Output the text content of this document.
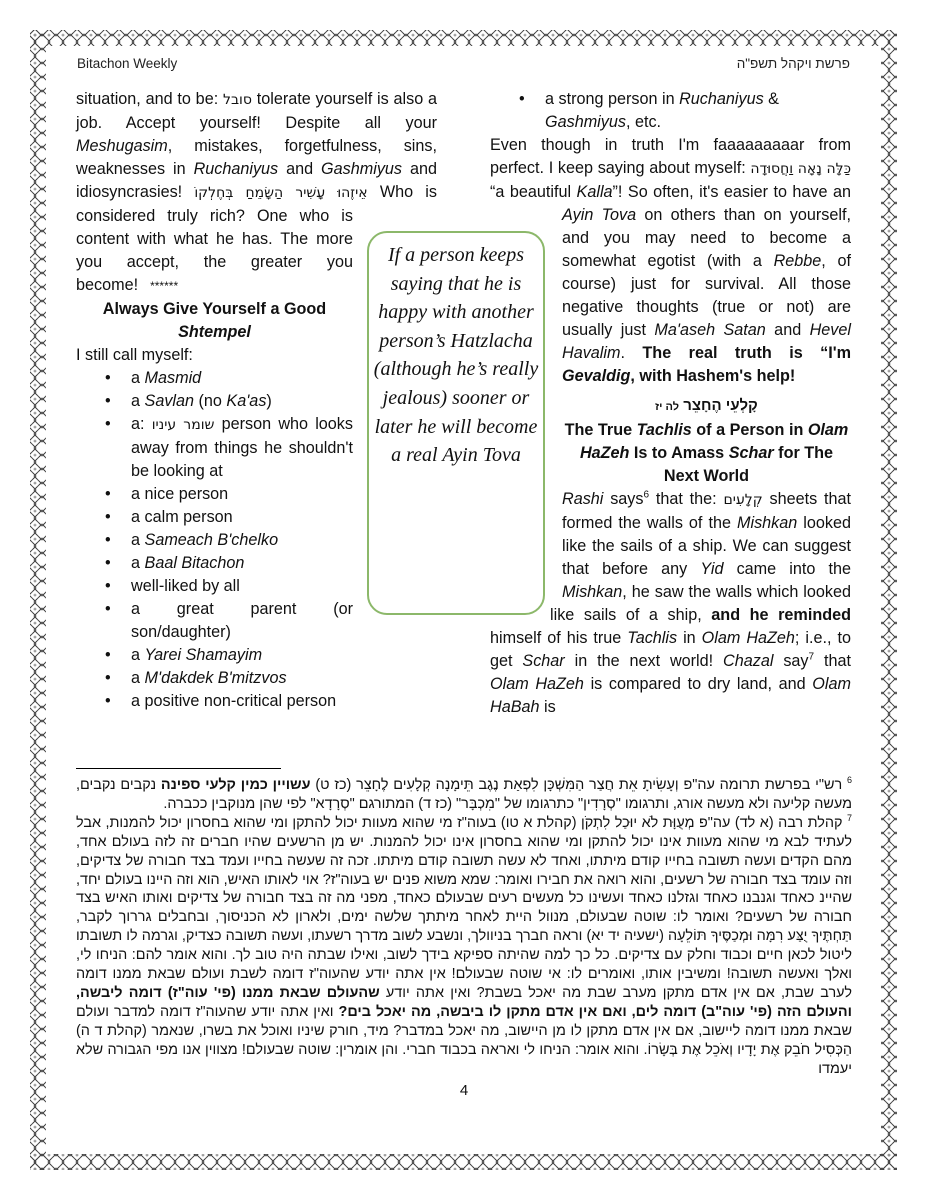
Bitachon Weekly	פרשת ויקהל תשפ"ה

situation, and to be: סובל tolerate yourself is also a job. Accept yourself! Despite all your Meshugasim, mistakes, forgetfulness, sins, weaknesses in Ruchaniyus and Gashmiyus and idiosyncrasies! אֵיזֶהוּ עָשִׁיר הַשָּׂמֵחַ בְּחֶלְקוֹ Who is considered truly rich? One who is content with what he has. The more you accept, the greater you become! ******

Always Give Yourself a Good Shtempel

I still call myself:

• a Masmid
• a Savlan (no Ka'as)
• a: שומר עיניו person who looks away from things he shouldn't be looking at
• a nice person
• a calm person
• a Sameach B'chelko
• a Baal Bitachon
• well-liked by all
• a great parent (or son/daughter)
• a Yarei Shamayim
• a M'dakdek B'mitzvos
• a positive non-critical person
• a strong person in Ruchaniyus & Gashmiyus, etc.

Even though in truth I'm faaaaaaaaar from perfect. I keep saying about myself: כַּלָּה נָאָה וַחֲסוּדָה “a beautiful Kalla”! So often, it's easier to have an Ayin Tova on others than on yourself, and you may need to become a somewhat egotist (with a Rebbe, of course) just for survival. All those negative thoughts (true or not) are usually just Ma'aseh Satan and Hevel Havalim. The real truth is “I'm Gevaldig, with Hashem's help!

קָלְעֵי הֶחָצֵר לה יז
The True Tachlis of a Person in Olam HaZeh Is to Amass Schar for The Next World

Rashi says$^6$ that the: קְלָעִים sheets that formed the walls of the Mishkan looked like the sails of a ship. We can suggest that before any Yid came into the Mishkan, he saw the walls which looked like sails of a ship, and he reminded himself of his true Tachlis in Olam HaZeh; i.e., to get Schar in the next world! Chazal say$^7$ that Olam HaZeh is compared to dry land, and Olam HaBah is

If a person keeps saying that he is happy with another person’s Hatzlacha (although he’s really jealous) sooner or later he will become a real Ayin Tova
$^6$ רש"י בפרשת תרומה עה"פ וְעָשִׂיתָ אֵת חֲצַר הַמִּשְׁכָּן לִפְאַת נֶגֶב תֵּימָנָה קְלָעִים לֶחָצֵר (כז ט) עשויין כמין קלעי ספינה נקבים נקבים, מעשה קליעה ולא מעשה אורג, ותרגומו "סְרָדִין" כתרגומו של "מִכְבָּר" (כז ד) המתורגם "סְרָדָא" לפי שהן מנוקבין ככברה.
$^7$ קהלת רבה (א לד) עה"פ מְעֻוָּת לֹא יוּכַל לִתְקֹן (קהלת א טו) בעוה"ז מי שהוא מעוות יכול להתקן ומי שהוא בחסרון יכול להמנות, אבל לעתיד לבא מי שהוא מעוות אינו יכול להתקן ומי שהוא בחסרון אינו יכול להמנות. יש מן הרשעים שהיו חברים זה לזה בעולם אחד, מהם הקדים ועשה תשובה בחייו קודם מיתתו, ואחד לא עשה תשובה קודם מיתתו. זכה זה שעשה בחייו ועמד בצד חבורה של צדיקים, וזה עומד בצד חבורה של רשעים, והוא רואה את חבירו ואומר: שמא משוא פנים יש בעוה"ז? אוי לאותו האיש, הוא וזה היינו בעולם יחד, שהיינ כאחד וגנבנו כאחד וגזלנו כאחד ועשינו כל מעשים רעים שבעולם כאחד, מפני מה זה בצד חבורה של צדיקים ואותו האיש בצד חבורה של רשעים? ואומר לו: שוטה שבעולם, מנוול היית לאחר מיתתך שלשה ימים, ולארון לא הכניסוך, ובחבלים גררוך לקבר, תַּחְתֶּיךָ יֻצַּע רִמָּה וּמְכַסֶּיךָ תּוֹלֵעָה (ישעיה יד יא) וראה חברך בניוולך, ונשבע לשוב מדרך רשעתו, ועשה תשובה כצדיק, וגרמה לו תשובתו ליטול לכאן חיים וכבוד וחלק עם צדיקים. כל כך למה שהיתה ספיקא בידך לשוב, ואילו שבתה היה טוב לך. והוא אומר להם: הניחו לי, ואלך ואעשה תשובה! ומשיבין אותו, ואומרים לו: אי שוטה שבעולם! אין אתה יודע שהעוה"ז דומה לשבת ועולם שבאת ממנו דומה לערב שבת, אם אין אדם מתקן מערב שבת מה יאכל בשבת? ואין אתה יודע שהעולם שבאת ממנו (פי' עוה"ז) דומה ליבשה, והעולם הזה (פי' עוה"ב) דומה לים, ואם אין אדם מתקן לו ביבשה, מה יאכל בים? ואין אתה יודע שהעוה"ז דומה למדבר ועולם שבאת ממנו דומה ליישוב, אם אין אדם מתקן לו מן היישוב, מה יאכל במדבר? מיד, חורק שיניו ואוכל את בשרו, שנאמר (קהלת ד ה) הַכְּסִיל חֹבֵק אֶת יָדָיו וְאֹכֵל אֶת בְּשָׂרוֹ. והוא אומר: הניחו לי ואראה בכבוד חברי. והן אומרין: שוטה שבעולם! מצווין אנו מפי הגבורה שלא יעמדו
4
